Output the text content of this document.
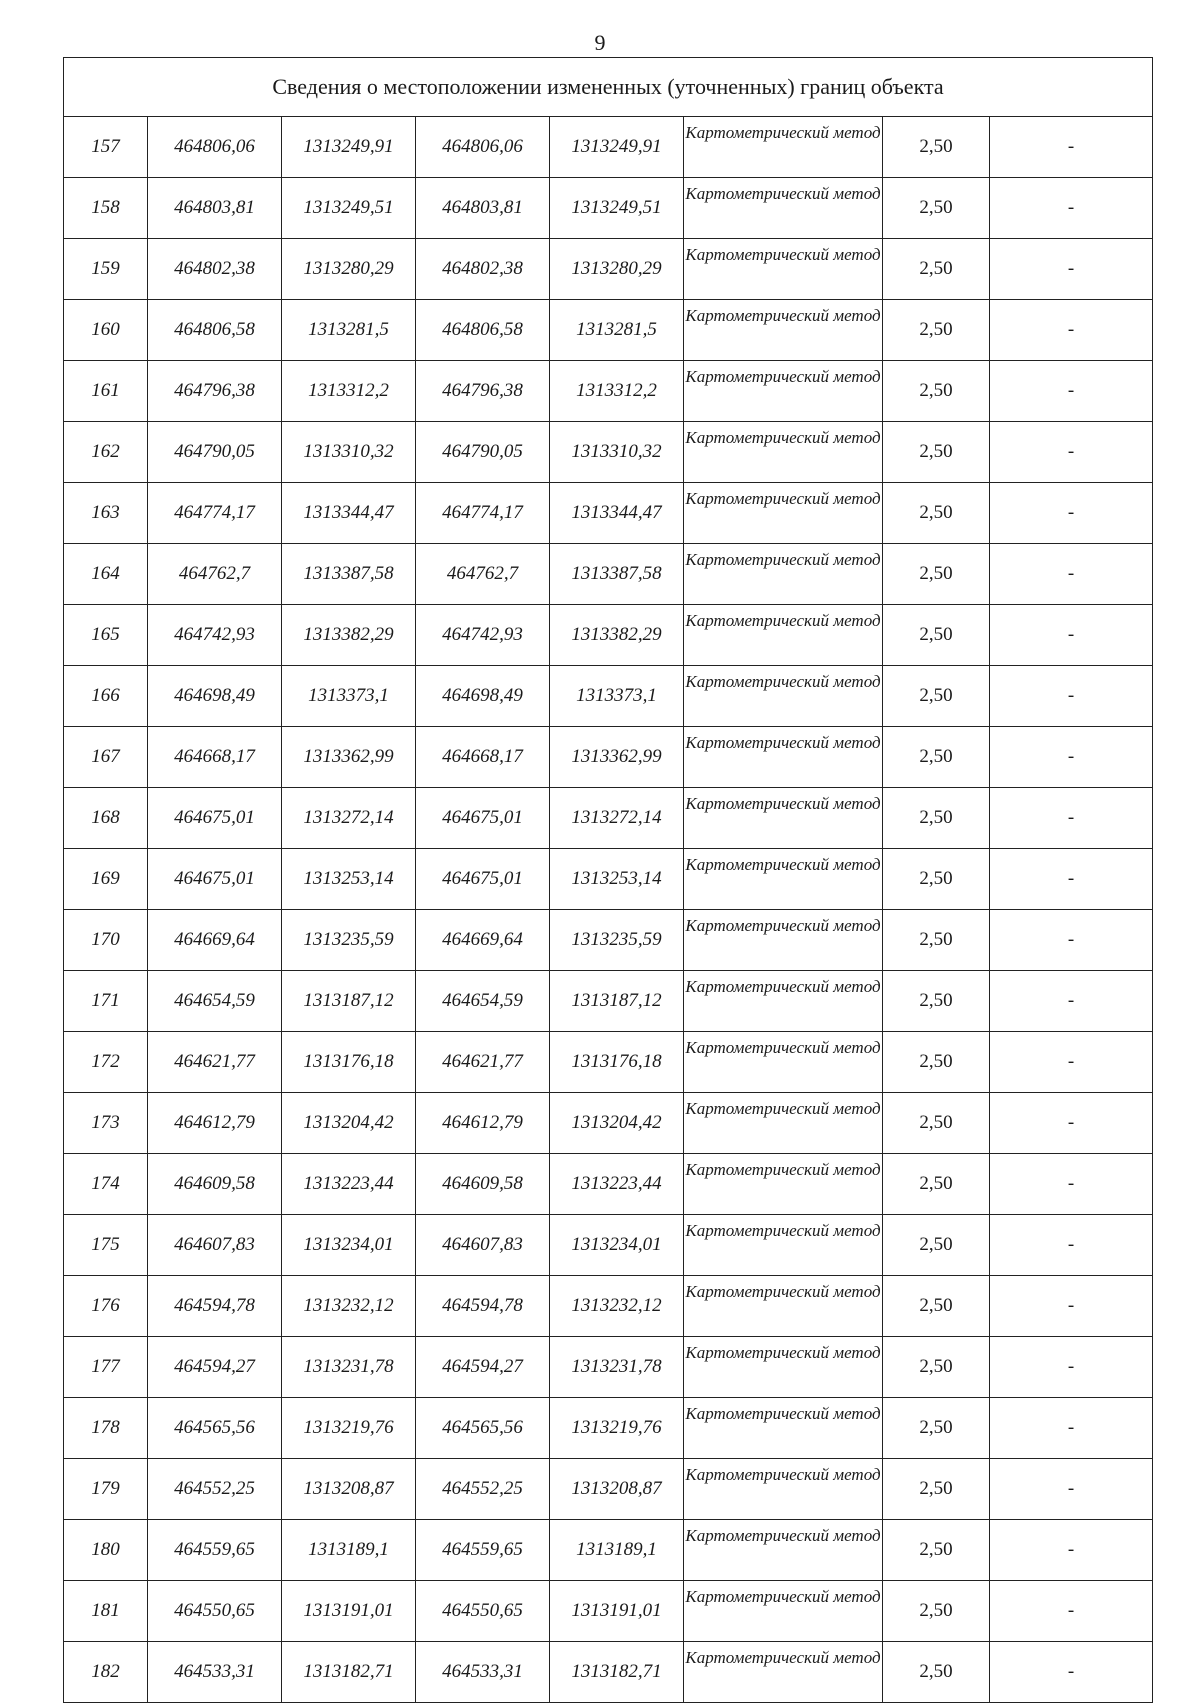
9
Сведения о местоположении измененных (уточненных) границ объекта							
157	464806,06	1313249,91	464806,06	1313249,91	Картометрический метод	2,50	-
158	464803,81	1313249,51	464803,81	1313249,51	Картометрический метод	2,50	-
159	464802,38	1313280,29	464802,38	1313280,29	Картометрический метод	2,50	-
160	464806,58	1313281,5	464806,58	1313281,5	Картометрический метод	2,50	-
161	464796,38	1313312,2	464796,38	1313312,2	Картометрический метод	2,50	-
162	464790,05	1313310,32	464790,05	1313310,32	Картометрический метод	2,50	-
163	464774,17	1313344,47	464774,17	1313344,47	Картометрический метод	2,50	-
164	464762,7	1313387,58	464762,7	1313387,58	Картометрический метод	2,50	-
165	464742,93	1313382,29	464742,93	1313382,29	Картометрический метод	2,50	-
166	464698,49	1313373,1	464698,49	1313373,1	Картометрический метод	2,50	-
167	464668,17	1313362,99	464668,17	1313362,99	Картометрический метод	2,50	-
168	464675,01	1313272,14	464675,01	1313272,14	Картометрический метод	2,50	-
169	464675,01	1313253,14	464675,01	1313253,14	Картометрический метод	2,50	-
170	464669,64	1313235,59	464669,64	1313235,59	Картометрический метод	2,50	-
171	464654,59	1313187,12	464654,59	1313187,12	Картометрический метод	2,50	-
172	464621,77	1313176,18	464621,77	1313176,18	Картометрический метод	2,50	-
173	464612,79	1313204,42	464612,79	1313204,42	Картометрический метод	2,50	-
174	464609,58	1313223,44	464609,58	1313223,44	Картометрический метод	2,50	-
175	464607,83	1313234,01	464607,83	1313234,01	Картометрический метод	2,50	-
176	464594,78	1313232,12	464594,78	1313232,12	Картометрический метод	2,50	-
177	464594,27	1313231,78	464594,27	1313231,78	Картометрический метод	2,50	-
178	464565,56	1313219,76	464565,56	1313219,76	Картометрический метод	2,50	-
179	464552,25	1313208,87	464552,25	1313208,87	Картометрический метод	2,50	-
180	464559,65	1313189,1	464559,65	1313189,1	Картометрический метод	2,50	-
181	464550,65	1313191,01	464550,65	1313191,01	Картометрический метод	2,50	-
182	464533,31	1313182,71	464533,31	1313182,71	Картометрический метод	2,50	-
